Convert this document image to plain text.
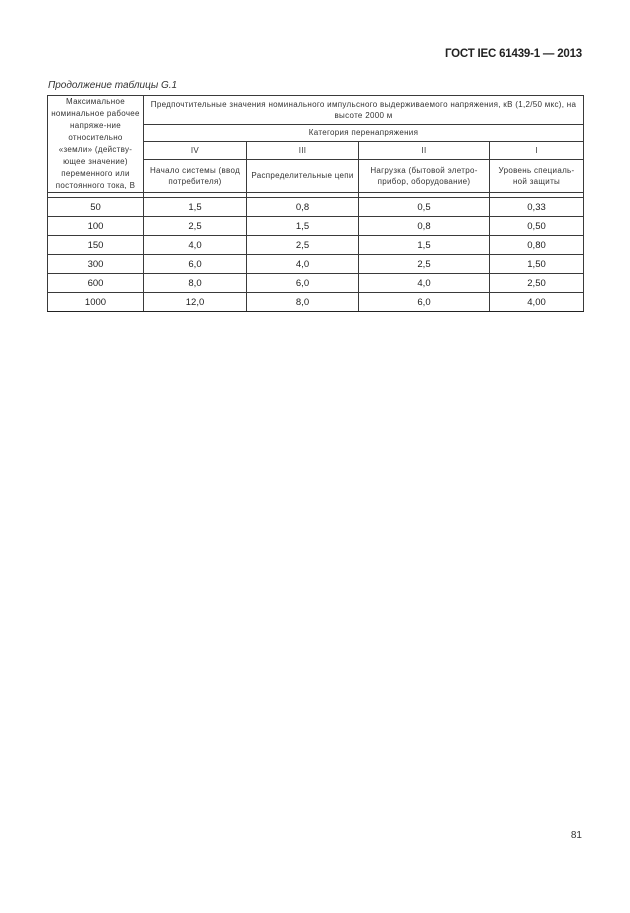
ГОСТ IEC 61439-1 — 2013
Продолжение таблицы G.1
Максимальное номинальное рабочее напряже-ние относительно «земли» (действу-ющее значение) переменного или постоянного тока, В	Предпочтительные значения номинального импульсного выдерживаемого напряжения, кВ (1,2/50 мкс), на высоте 2000 м			
	Категория перенапряжения			
	IV	III	II	I
	Начало системы (ввод потребителя)	Распределительные цепи	Нагрузка (бытовой элетро-прибор, оборудование)	Уровень специаль-ной защиты

50	1,5	0,8	0,5	0,33
100	2,5	1,5	0,8	0,50
150	4,0	2,5	1,5	0,80
300	6,0	4,0	2,5	1,50
600	8,0	6,0	4,0	2,50
1000	12,0	8,0	6,0	4,00
81
